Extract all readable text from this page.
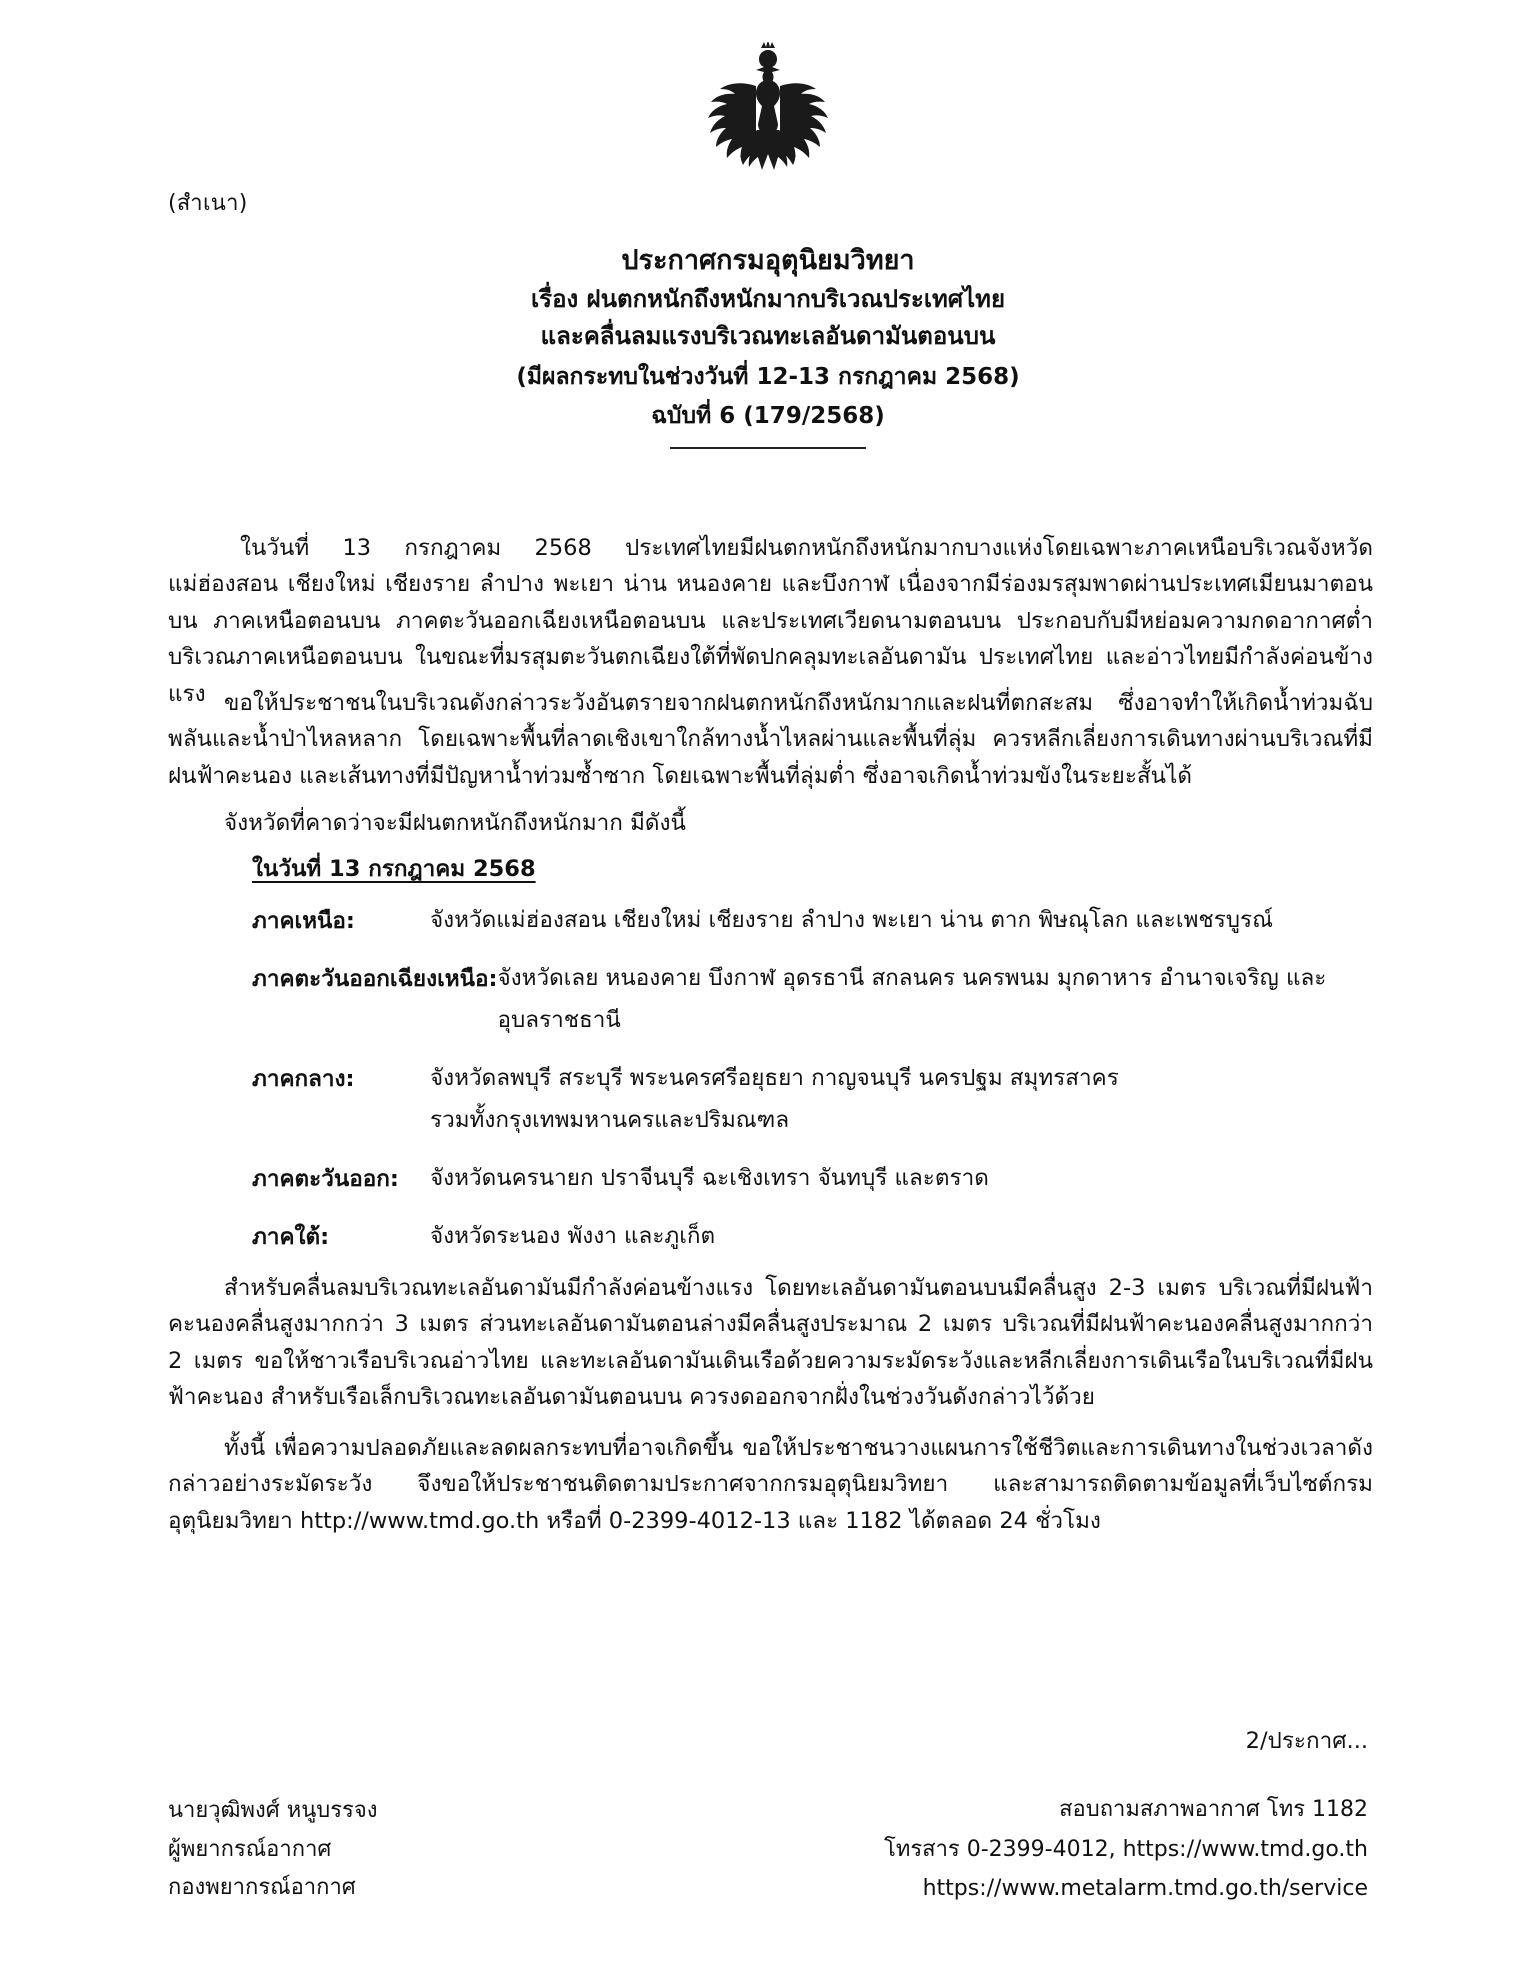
(สำเนา)
ประกาศกรมอุตุนิยมวิทยา
เรื่อง ฝนตกหนักถึงหนักมากบริเวณประเทศไทย
และคลื่นลมแรงบริเวณทะเลอันดามันตอนบน
(มีผลกระทบในช่วงวันที่ 12-13 กรกฎาคม 2568)
ฉบับที่ 6 (179/2568)
ในวันที่ 13 กรกฎาคม 2568 ประเทศไทยมีฝนตกหนักถึงหนักมากบางแห่งโดยเฉพาะภาคเหนือบริเวณจังหวัดแม่ฮ่องสอน เชียงใหม่ เชียงราย ลำปาง พะเยา น่าน หนองคาย และบึงกาฬ เนื่องจากมีร่องมรสุมพาดผ่านประเทศเมียนมาตอนบน ภาคเหนือตอนบน ภาคตะวันออกเฉียงเหนือตอนบน และประเทศเวียดนามตอนบน ประกอบกับมีหย่อมความกดอากาศต่ำบริเวณภาคเหนือตอนบน ในขณะที่มรสุมตะวันตกเฉียงใต้ที่พัดปกคลุมทะเลอันดามัน ประเทศไทย และอ่าวไทยมีกำลังค่อนข้างแรง ขอให้ประชาชนในบริเวณดังกล่าวระวังอันตรายจากฝนตกหนักถึงหนักมากและฝนที่ตกสะสม ซึ่งอาจทำให้เกิดน้ำท่วมฉับพลันและน้ำป่าไหลหลาก โดยเฉพาะพื้นที่ลาดเชิงเขาใกล้ทางน้ำไหลผ่านและพื้นที่ลุ่ม ควรหลีกเลี่ยงการเดินทางผ่านบริเวณที่มีฝนฟ้าคะนอง และเส้นทางที่มีปัญหาน้ำท่วมซ้ำซาก โดยเฉพาะพื้นที่ลุ่มต่ำ ซึ่งอาจเกิดน้ำท่วมขังในระยะสั้นได้
จังหวัดที่คาดว่าจะมีฝนตกหนักถึงหนักมาก มีดังนี้
ในวันที่ 13 กรกฎาคม 2568
ภาคเหนือ:	จังหวัดแม่ฮ่องสอน เชียงใหม่ เชียงราย ลำปาง พะเยา น่าน ตาก พิษณุโลก และเพชรบูรณ์
ภาคตะวันออกเฉียงเหนือ: จังหวัดเลย หนองคาย บึงกาฬ อุดรธานี สกลนคร นครพนม มุกดาหาร อำนาจเจริญ และ
อุบลราชธานี
ภาคกลาง:	จังหวัดลพบุรี สระบุรี พระนครศรีอยุธยา กาญจนบุรี นครปฐม สมุทรสาคร
รวมทั้งกรุงเทพมหานครและปริมณฑล
ภาคตะวันออก:	จังหวัดนครนายก ปราจีนบุรี ฉะเชิงเทรา จันทบุรี และตราด
ภาคใต้:	จังหวัดระนอง พังงา และภูเก็ต
สำหรับคลื่นลมบริเวณทะเลอันดามันมีกำลังค่อนข้างแรง โดยทะเลอันดามันตอนบนมีคลื่นสูง 2-3 เมตร บริเวณที่มีฝนฟ้าคะนองคลื่นสูงมากกว่า 3 เมตร ส่วนทะเลอันดามันตอนล่างมีคลื่นสูงประมาณ 2 เมตร บริเวณที่มีฝนฟ้าคะนองคลื่นสูงมากกว่า 2 เมตร ขอให้ชาวเรือบริเวณอ่าวไทย และทะเลอันดามันเดินเรือด้วยความระมัดระวังและหลีกเลี่ยงการเดินเรือในบริเวณที่มีฝนฟ้าคะนอง สำหรับเรือเล็กบริเวณทะเลอันดามันตอนบน ควรงดออกจากฝั่งในช่วงวันดังกล่าวไว้ด้วย
ทั้งนี้ เพื่อความปลอดภัยและลดผลกระทบที่อาจเกิดขึ้น ขอให้ประชาชนวางแผนการใช้ชีวิตและการเดินทางในช่วงเวลาดังกล่าวอย่างระมัดระวัง จึงขอให้ประชาชนติดตามประกาศจากกรมอุตุนิยมวิทยา และสามารถติดตามข้อมูลที่เว็บไซต์กรมอุตุนิยมวิทยา http://www.tmd.go.th หรือที่ 0-2399-4012-13 และ 1182 ได้ตลอด 24 ชั่วโมง
2/ประกาศ...
นายวุฒิพงศ์ หนูบรรจง
ผู้พยากรณ์อากาศ
กองพยากรณ์อากาศ
สอบถามสภาพอากาศ โทร 1182
โทรสาร 0-2399-4012, https://www.tmd.go.th
https://www.metalarm.tmd.go.th/service
